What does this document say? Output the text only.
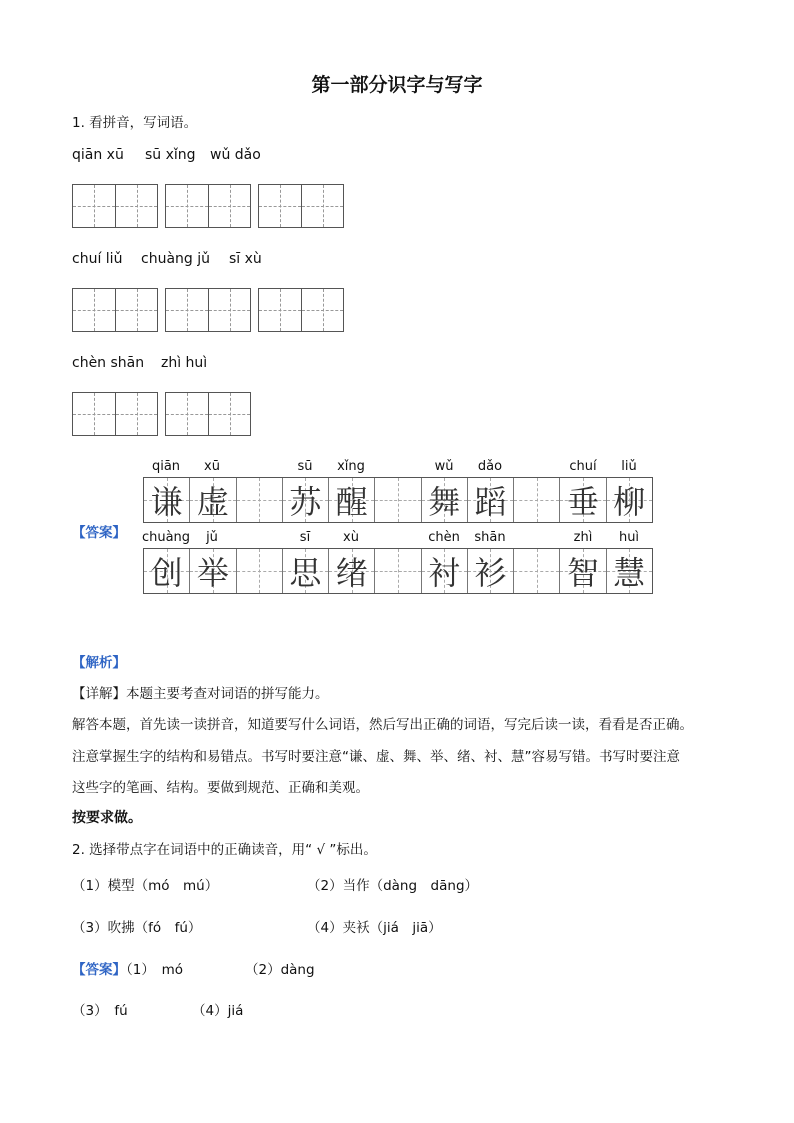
第一部分识字与写字
1. 看拼音，写词语。
qiān xū sū xǐng wǔ dǎo
chuí liǔ chuàng jǔ sī xù
chèn shān zhì huì
【答案】
qiān xū	sū xǐng	wǔ dǎo	chuí liǔ
谦 虚 苏 醒 舞 蹈 垂 柳
chuàng jǔ	sī	xù	chèn shān	zhì huì
创 举 思 绪 衬 衫 智 慧
【解析】
【详解】本题主要考查对词语的拼写能力。
解答本题，首先读一读拼音，知道要写什么词语，然后写出正确的词语，写完后读一读，看看是否正确。
注意掌握生字的结构和易错点。书写时要注意“谦、虚、舞、举、绪、衬、慧”容易写错。书写时要注意
这些字的笔画、结构。要做到规范、正确和美观。
按要求做。
2. 选择带点字在词语中的正确读音，用“ √ ”标出。
（1）模型（mó　mú）	（2）当作（dàng　dāng）
（3）吹拂（fó　fú）	（4）夹袄（jiá　jiā）
【答案】（1）　mó	（2）dàng
（3）　fú	（4）jiá
